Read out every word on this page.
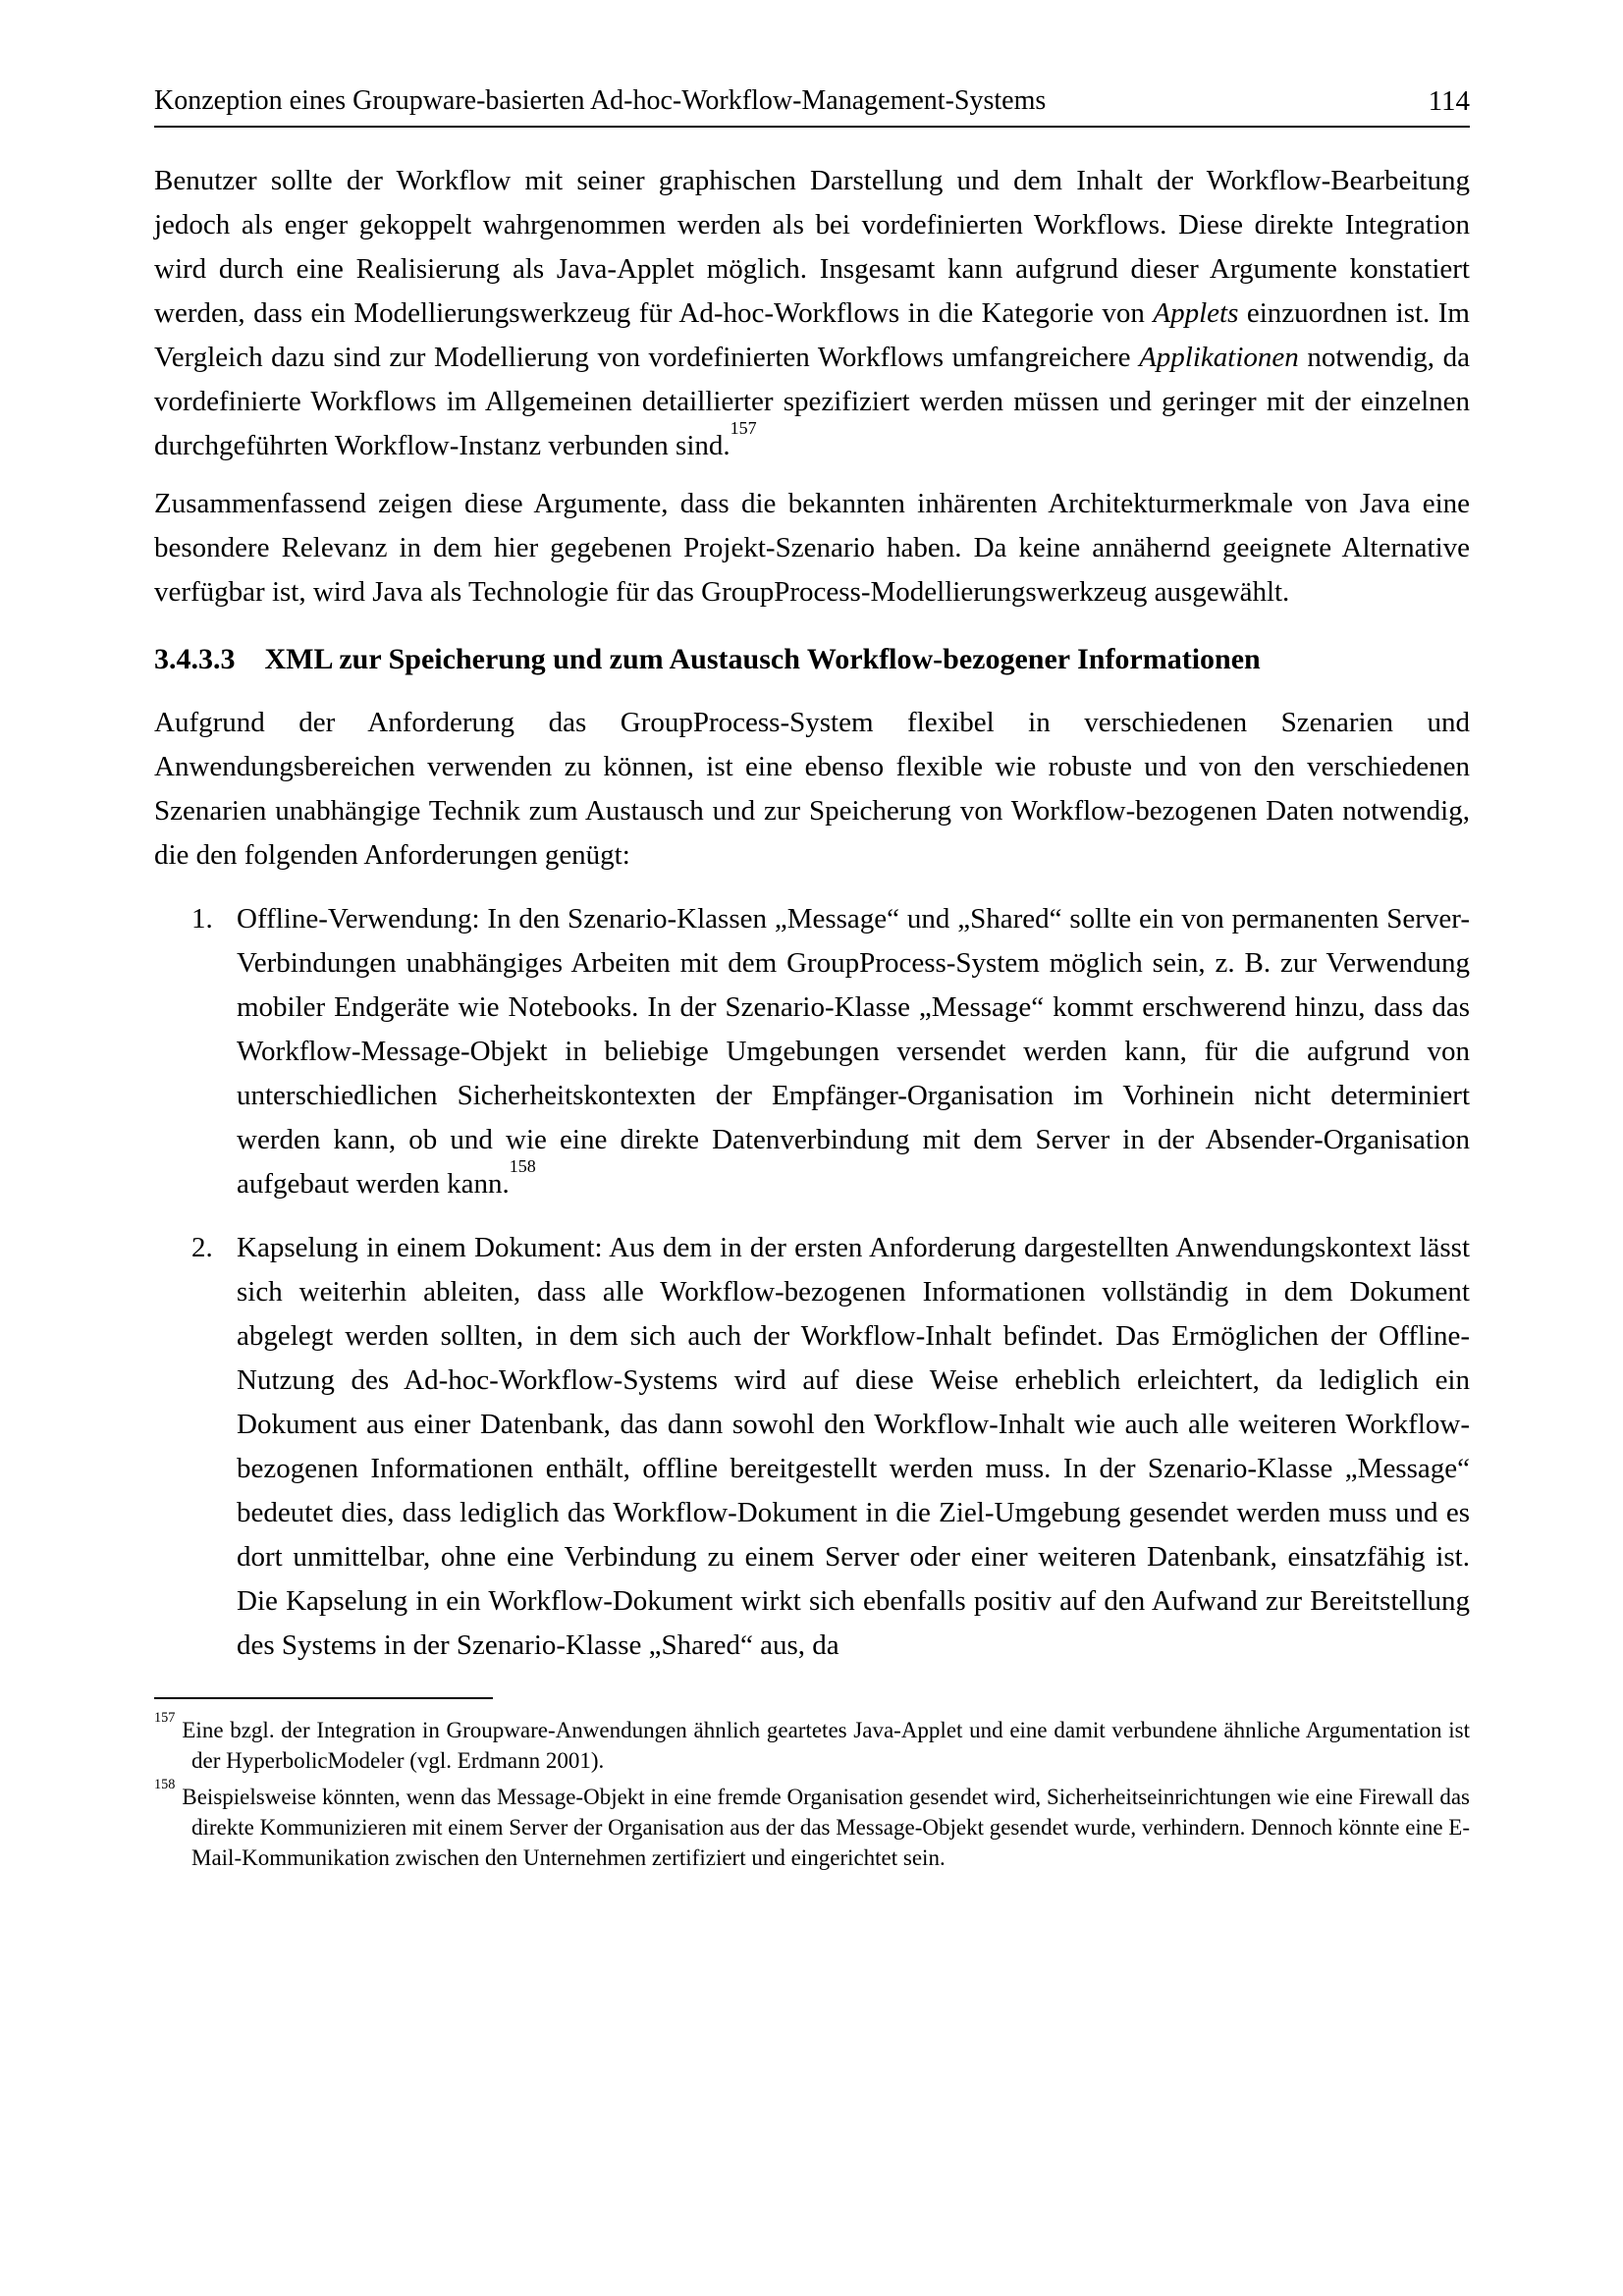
Konzeption eines Groupware-basierten Ad-hoc-Workflow-Management-Systems	114

Benutzer sollte der Workflow mit seiner graphischen Darstellung und dem Inhalt der Workflow-Bearbeitung jedoch als enger gekoppelt wahrgenommen werden als bei vordefinierten Workflows. Diese direkte Integration wird durch eine Realisierung als Java-Applet möglich. Insgesamt kann aufgrund dieser Argumente konstatiert werden, dass ein Modellierungswerkzeug für Ad-hoc-Workflows in die Kategorie von Applets einzuordnen ist. Im Vergleich dazu sind zur Modellierung von vordefinierten Workflows umfangreichere Applikationen notwendig, da vordefinierte Workflows im Allgemeinen detaillierter spezifiziert werden müssen und geringer mit der einzelnen durchgeführten Workflow-Instanz verbunden sind.$^{157}$

Zusammenfassend zeigen diese Argumente, dass die bekannten inhärenten Architekturmerkmale von Java eine besondere Relevanz in dem hier gegebenen Projekt-Szenario haben. Da keine annähernd geeignete Alternative verfügbar ist, wird Java als Technologie für das GroupProcess-Modellierungswerkzeug ausgewählt.

3.4.3.3 XML zur Speicherung und zum Austausch Workflow-bezogener Informationen

Aufgrund der Anforderung das GroupProcess-System flexibel in verschiedenen Szenarien und Anwendungsbereichen verwenden zu können, ist eine ebenso flexible wie robuste und von den verschiedenen Szenarien unabhängige Technik zum Austausch und zur Speicherung von Workflow-bezogenen Daten notwendig, die den folgenden Anforderungen genügt:

1. Offline-Verwendung: In den Szenario-Klassen „Message“ und „Shared“ sollte ein von permanenten Server-Verbindungen unabhängiges Arbeiten mit dem GroupProcess-System möglich sein, z. B. zur Verwendung mobiler Endgeräte wie Notebooks. In der Szenario-Klasse „Message“ kommt erschwerend hinzu, dass das Workflow-Message-Objekt in beliebige Umgebungen versendet werden kann, für die aufgrund von unterschiedlichen Sicherheitskontexten der Empfänger-Organisation im Vorhinein nicht determiniert werden kann, ob und wie eine direkte Datenverbindung mit dem Server in der Absender-Organisation aufgebaut werden kann.$^{158}$
2. Kapselung in einem Dokument: Aus dem in der ersten Anforderung dargestellten Anwendungskontext lässt sich weiterhin ableiten, dass alle Workflow-bezogenen Informationen vollständig in dem Dokument abgelegt werden sollten, in dem sich auch der Workflow-Inhalt befindet. Das Ermöglichen der Offline-Nutzung des Ad-hoc-Workflow-Systems wird auf diese Weise erheblich erleichtert, da lediglich ein Dokument aus einer Datenbank, das dann sowohl den Workflow-Inhalt wie auch alle weiteren Workflow-bezogenen Informationen enthält, offline bereitgestellt werden muss. In der Szenario-Klasse „Message“ bedeutet dies, dass lediglich das Workflow-Dokument in die Ziel-Umgebung gesendet werden muss und es dort unmittelbar, ohne eine Verbindung zu einem Server oder einer weiteren Datenbank, einsatzfähig ist. Die Kapselung in ein Workflow-Dokument wirkt sich ebenfalls positiv auf den Aufwand zur Bereitstellung des Systems in der Szenario-Klasse „Shared“ aus, da

$^{157}$Eine bzgl. der Integration in Groupware-Anwendungen ähnlich geartetes Java-Applet und eine damit verbundene ähnliche Argumentation ist der HyperbolicModeler (vgl. Erdmann 2001).

$^{158}$Beispielsweise könnten, wenn das Message-Objekt in eine fremde Organisation gesendet wird, Sicherheitseinrichtungen wie eine Firewall das direkte Kommunizieren mit einem Server der Organisation aus der das Message-Objekt gesendet wurde, verhindern. Dennoch könnte eine E-Mail-Kommunikation zwischen den Unternehmen zertifiziert und eingerichtet sein.
